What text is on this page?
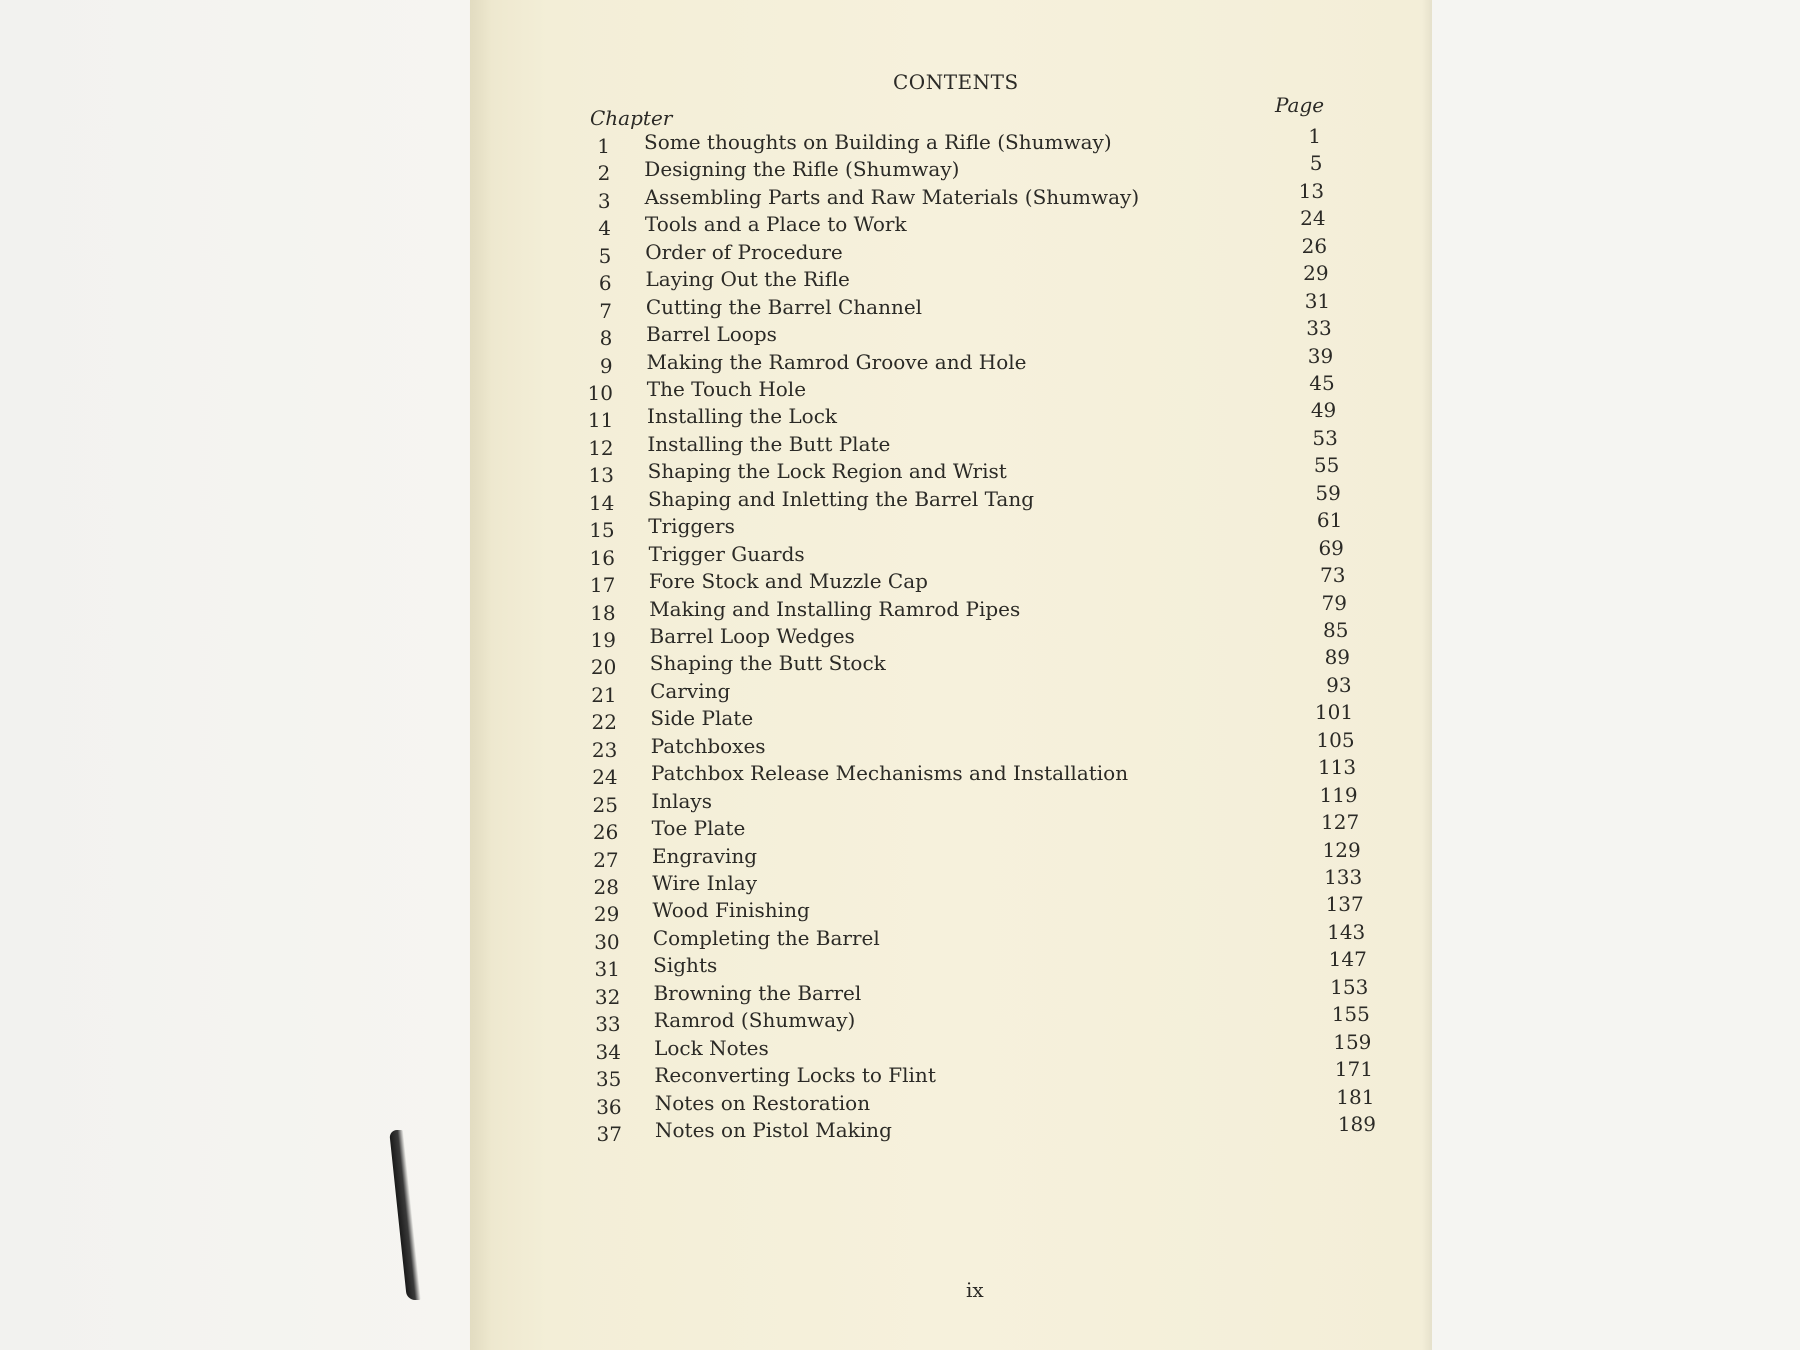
CONTENTS
Chapter
Page
1 Some thoughts on Building a Rifle (Shumway)	1
2 Designing the Rifle (Shumway)	5
3 Assembling Parts and Raw Materials (Shumway)	13
4 Tools and a Place to Work	24
5 Order of Procedure	26
6 Laying Out the Rifle	29
7 Cutting the Barrel Channel	31
8 Barrel Loops	33
9 Making the Ramrod Groove and Hole	39
10 The Touch Hole	45
11 Installing the Lock	49
12 Installing the Butt Plate	53
13 Shaping the Lock Region and Wrist	55
14 Shaping and Inletting the Barrel Tang	59
15 Triggers	61
16 Trigger Guards	69
17 Fore Stock and Muzzle Cap	73
18 Making and Installing Ramrod Pipes	79
19 Barrel Loop Wedges	85
20 Shaping the Butt Stock	89
21 Carving	93
22 Side Plate	101
23 Patchboxes	105
24 Patchbox Release Mechanisms and Installation	113
25 Inlays	119
26 Toe Plate	127
27 Engraving	129
28 Wire Inlay	133
29 Wood Finishing	137
30 Completing the Barrel	143
31 Sights	147
32 Browning the Barrel	153
33 Ramrod (Shumway)	155
34 Lock Notes	159
35 Reconverting Locks to Flint	171
36 Notes on Restoration	181
37 Notes on Pistol Making	189
ix
